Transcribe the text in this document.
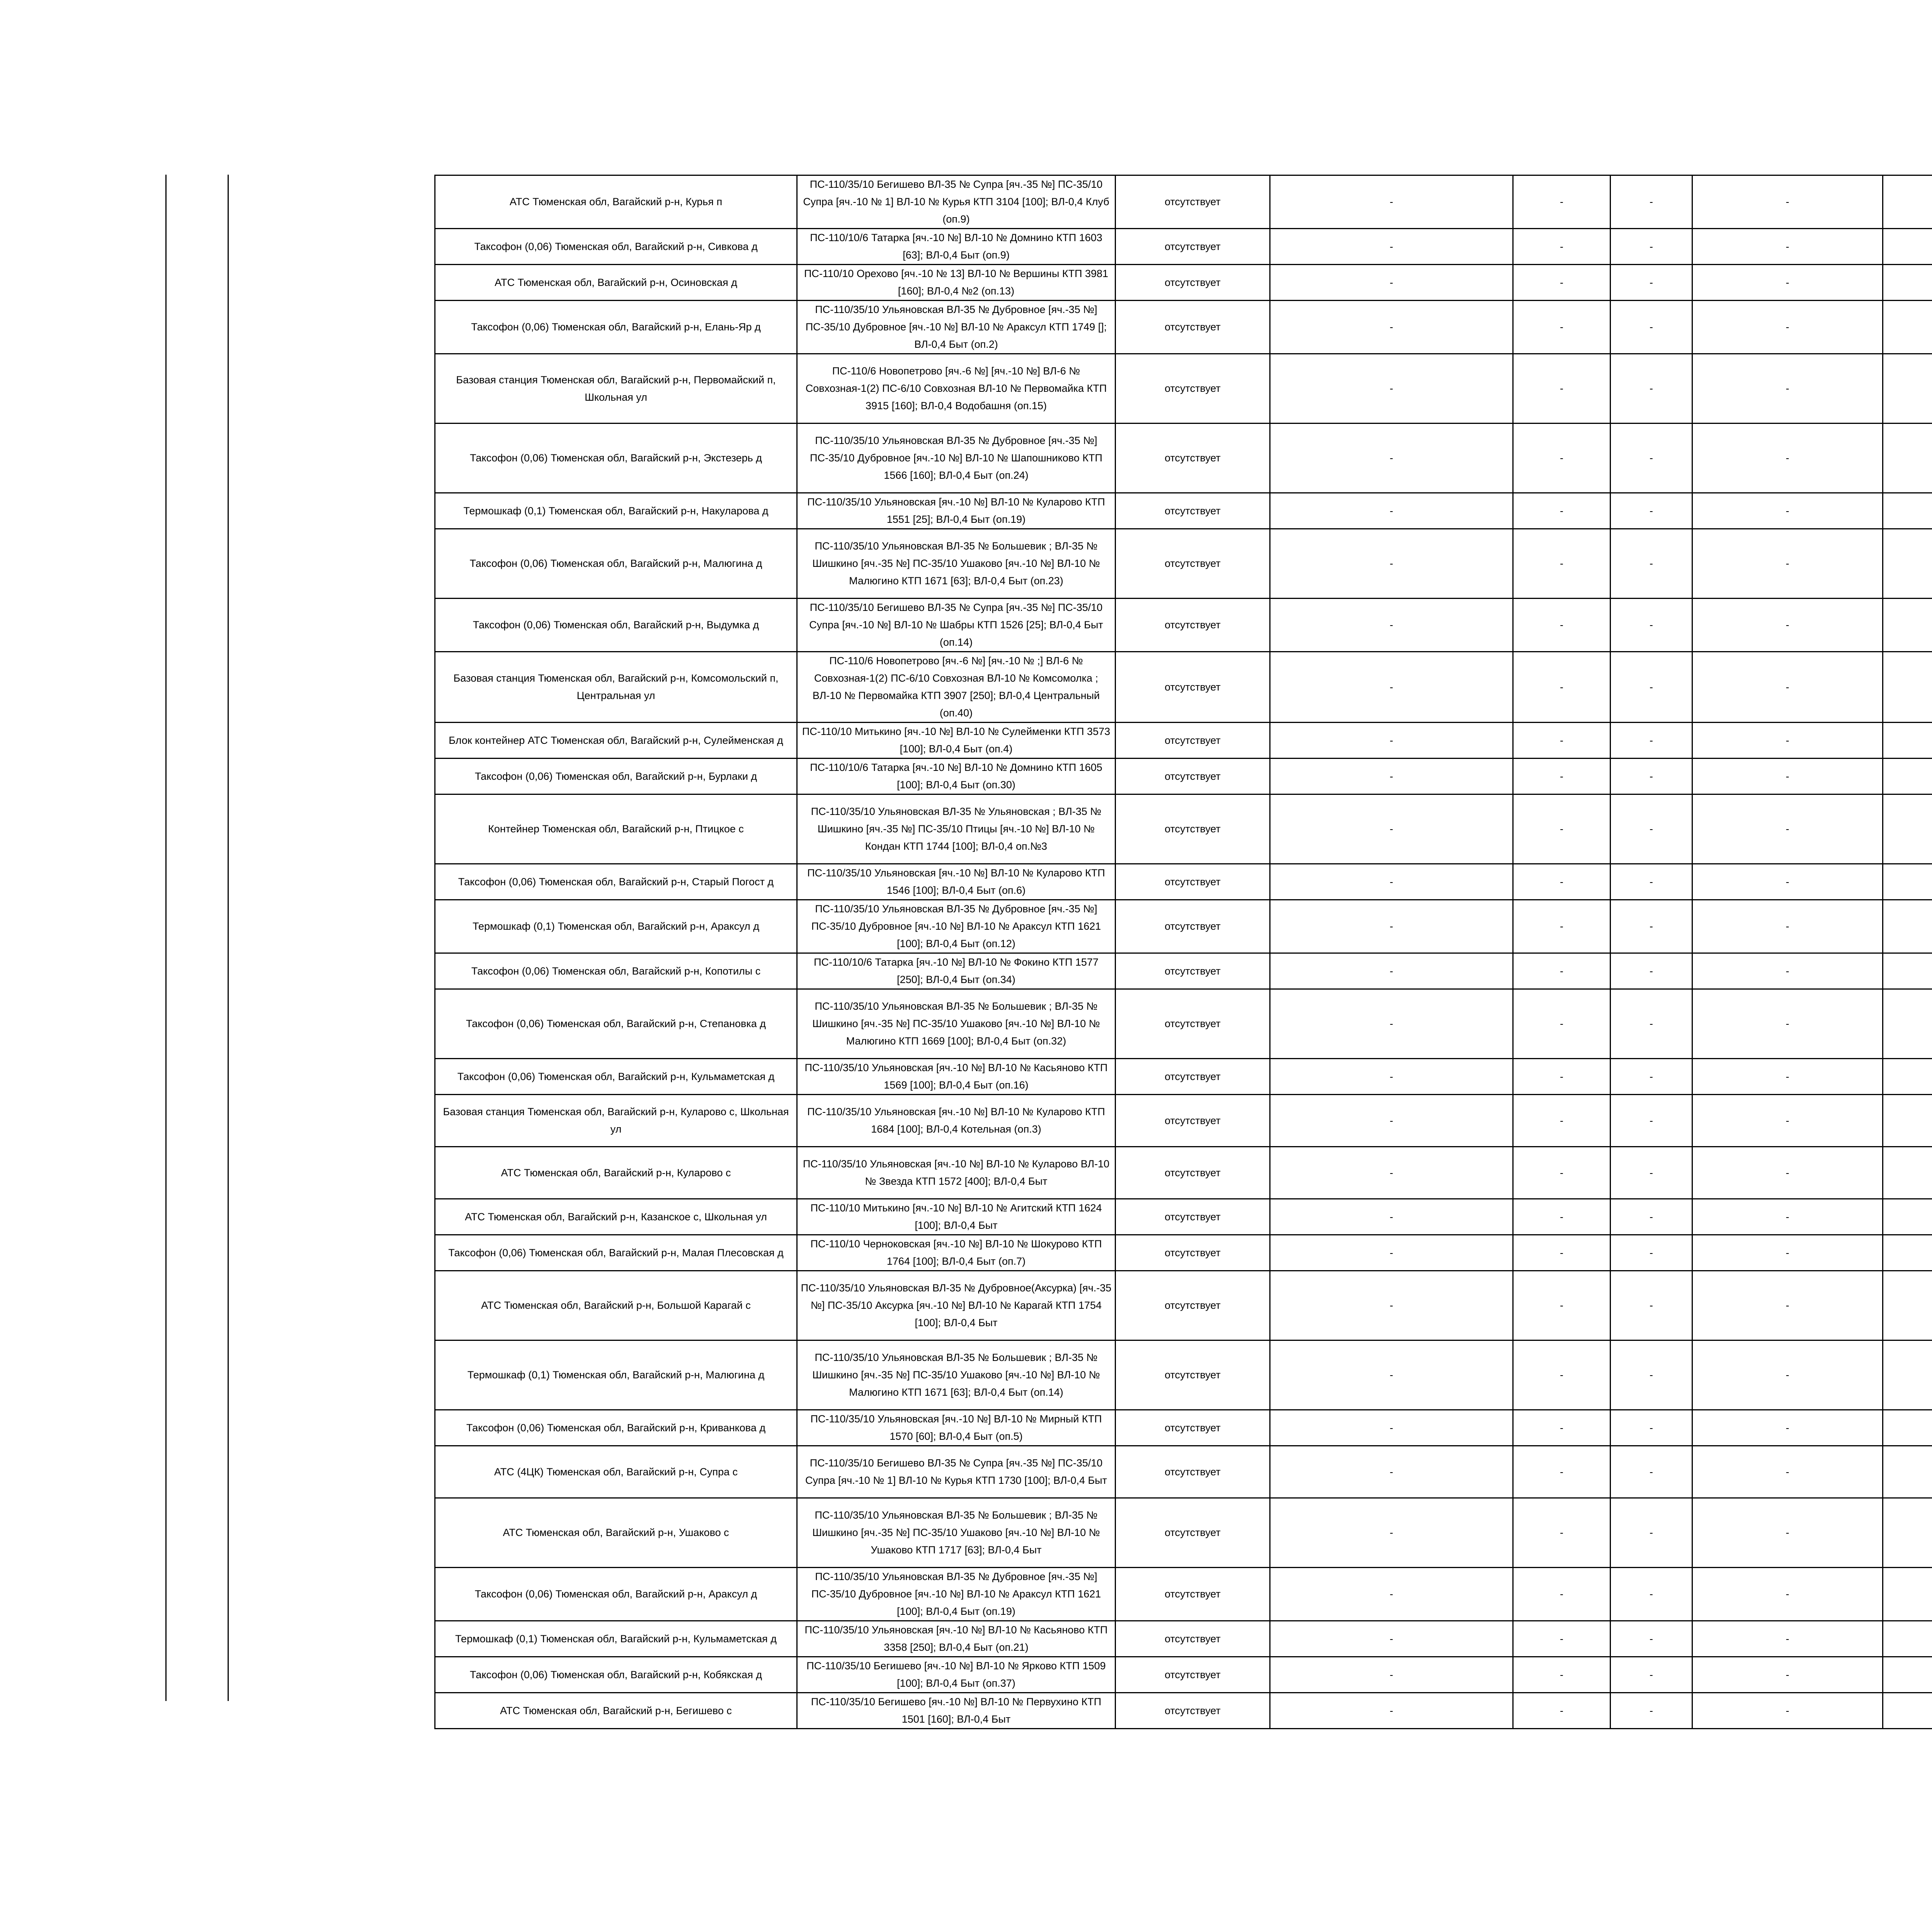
АТС Тюменская обл, Вагайский р-н, Курья п	ПС-110/35/10 Бегишево ВЛ-35 № Супра [яч.-35 №] ПС-35/10 Супра [яч.-10 № 1] ВЛ-10 № Курья КТП 3104 [100]; ВЛ-0,4 Клуб (оп.9)	отсутствует	-	-	-	-		
Таксофон (0,06) Тюменская обл, Вагайский р-н, Сивкова д	ПС-110/10/6 Татарка [яч.-10 №] ВЛ-10 № Домнино КТП 1603 [63]; ВЛ-0,4 Быт (оп.9)	отсутствует	-	-	-	-		
АТС Тюменская обл, Вагайский р-н, Осиновская д	ПС-110/10 Орехово [яч.-10 № 13] ВЛ-10 № Вершины КТП 3981 [160]; ВЛ-0,4 №2 (оп.13)	отсутствует	-	-	-	-		
Таксофон (0,06) Тюменская обл, Вагайский р-н, Елань-Яр д	ПС-110/35/10 Ульяновская ВЛ-35 № Дубровное [яч.-35 №] ПС-35/10 Дубровное [яч.-10 №] ВЛ-10 № Араксул КТП 1749 []; ВЛ-0,4 Быт (оп.2)	отсутствует	-	-	-	-		
Базовая станция Тюменская обл, Вагайский р-н, Первомайский п, Школьная ул	ПС-110/6 Новопетрово [яч.-6 №] [яч.-10 №] ВЛ-6 № Совхозная-1(2) ПС-6/10 Совхозная ВЛ-10 № Первомайка КТП 3915 [160]; ВЛ-0,4 Водобашня (оп.15)	отсутствует	-	-	-	-		
Таксофон (0,06) Тюменская обл, Вагайский р-н, Экстезерь д	ПС-110/35/10 Ульяновская ВЛ-35 № Дубровное [яч.-35 №] ПС-35/10 Дубровное [яч.-10 №] ВЛ-10 № Шапошниково КТП 1566 [160]; ВЛ-0,4 Быт (оп.24)	отсутствует	-	-	-	-		
Термошкаф (0,1) Тюменская обл, Вагайский р-н, Накуларова д	ПС-110/35/10 Ульяновская [яч.-10 №] ВЛ-10 № Куларово КТП 1551 [25]; ВЛ-0,4 Быт (оп.19)	отсутствует	-	-	-	-		
Таксофон (0,06) Тюменская обл, Вагайский р-н, Малюгина д	ПС-110/35/10 Ульяновская ВЛ-35 № Большевик ; ВЛ-35 № Шишкино [яч.-35 №] ПС-35/10 Ушаково [яч.-10 №] ВЛ-10 № Малюгино КТП 1671 [63]; ВЛ-0,4 Быт (оп.23)	отсутствует	-	-	-	-		
Таксофон (0,06) Тюменская обл, Вагайский р-н, Выдумка д	ПС-110/35/10 Бегишево ВЛ-35 № Супра [яч.-35 №] ПС-35/10 Супра [яч.-10 №] ВЛ-10 № Шабры КТП 1526 [25]; ВЛ-0,4 Быт (оп.14)	отсутствует	-	-	-	-		
Базовая станция Тюменская обл, Вагайский р-н, Комсомольский п, Центральная ул	ПС-110/6 Новопетрово [яч.-6 №] [яч.-10 № ;] ВЛ-6 № Совхозная-1(2) ПС-6/10 Совхозная ВЛ-10 № Комсомолка ; ВЛ-10 № Первомайка КТП 3907 [250]; ВЛ-0,4 Центральный (оп.40)	отсутствует	-	-	-	-		
Блок контейнер АТС Тюменская обл, Вагайский р-н, Сулейменская д	ПС-110/10 Митькино [яч.-10 №] ВЛ-10 № Сулейменки КТП 3573 [100]; ВЛ-0,4 Быт (оп.4)	отсутствует	-	-	-	-		
Таксофон (0,06) Тюменская обл, Вагайский р-н, Бурлаки д	ПС-110/10/6 Татарка [яч.-10 №] ВЛ-10 № Домнино КТП 1605 [100]; ВЛ-0,4 Быт (оп.30)	отсутствует	-	-	-	-		
Контейнер Тюменская обл, Вагайский р-н, Птицкое с	ПС-110/35/10 Ульяновская ВЛ-35 № Ульяновская ; ВЛ-35 № Шишкино [яч.-35 №] ПС-35/10 Птицы [яч.-10 №] ВЛ-10 № Кондан КТП 1744 [100]; ВЛ-0,4 оп.№3	отсутствует	-	-	-	-		
Таксофон (0,06) Тюменская обл, Вагайский р-н, Старый Погост д	ПС-110/35/10 Ульяновская [яч.-10 №] ВЛ-10 № Куларово КТП 1546 [100]; ВЛ-0,4 Быт (оп.6)	отсутствует	-	-	-	-		
Термошкаф (0,1) Тюменская обл, Вагайский р-н, Араксул д	ПС-110/35/10 Ульяновская ВЛ-35 № Дубровное [яч.-35 №] ПС-35/10 Дубровное [яч.-10 №] ВЛ-10 № Араксул КТП 1621 [100]; ВЛ-0,4 Быт (оп.12)	отсутствует	-	-	-	-		
Таксофон (0,06) Тюменская обл, Вагайский р-н, Копотилы с	ПС-110/10/6 Татарка [яч.-10 №] ВЛ-10 № Фокино КТП 1577 [250]; ВЛ-0,4 Быт (оп.34)	отсутствует	-	-	-	-		
Таксофон (0,06) Тюменская обл, Вагайский р-н, Степановка д	ПС-110/35/10 Ульяновская ВЛ-35 № Большевик ; ВЛ-35 № Шишкино [яч.-35 №] ПС-35/10 Ушаково [яч.-10 №] ВЛ-10 № Малюгино КТП 1669 [100]; ВЛ-0,4 Быт (оп.32)	отсутствует	-	-	-	-		
Таксофон (0,06) Тюменская обл, Вагайский р-н, Кульмаметская д	ПС-110/35/10 Ульяновская [яч.-10 №] ВЛ-10 № Касьяново КТП 1569 [100]; ВЛ-0,4 Быт (оп.16)	отсутствует	-	-	-	-		
Базовая станция Тюменская обл, Вагайский р-н, Куларово с, Школьная ул	ПС-110/35/10 Ульяновская [яч.-10 №] ВЛ-10 № Куларово КТП 1684 [100]; ВЛ-0,4 Котельная (оп.3)	отсутствует	-	-	-	-		
АТС Тюменская обл, Вагайский р-н, Куларово с	ПС-110/35/10 Ульяновская [яч.-10 №] ВЛ-10 № Куларово ВЛ-10 № Звезда КТП 1572 [400]; ВЛ-0,4 Быт	отсутствует	-	-	-	-		
АТС Тюменская обл, Вагайский р-н, Казанское с, Школьная ул	ПС-110/10 Митькино [яч.-10 №] ВЛ-10 № Агитский КТП 1624 [100]; ВЛ-0,4 Быт	отсутствует	-	-	-	-		
Таксофон (0,06) Тюменская обл, Вагайский р-н, Малая Плесовская д	ПС-110/10 Черноковская [яч.-10 №] ВЛ-10 № Шокурово КТП 1764 [100]; ВЛ-0,4 Быт (оп.7)	отсутствует	-	-	-	-		
АТС Тюменская обл, Вагайский р-н, Большой Карагай с	ПС-110/35/10 Ульяновская ВЛ-35 № Дубровное(Аксурка) [яч.-35 №] ПС-35/10 Аксурка [яч.-10 №] ВЛ-10 № Карагай КТП 1754 [100]; ВЛ-0,4 Быт	отсутствует	-	-	-	-		
Термошкаф (0,1) Тюменская обл, Вагайский р-н, Малюгина д	ПС-110/35/10 Ульяновская ВЛ-35 № Большевик ; ВЛ-35 № Шишкино [яч.-35 №] ПС-35/10 Ушаково [яч.-10 №] ВЛ-10 № Малюгино КТП 1671 [63]; ВЛ-0,4 Быт (оп.14)	отсутствует	-	-	-	-		
Таксофон (0,06) Тюменская обл, Вагайский р-н, Криванкова д	ПС-110/35/10 Ульяновская [яч.-10 №] ВЛ-10 № Мирный КТП 1570 [60]; ВЛ-0,4 Быт (оп.5)	отсутствует	-	-	-	-		
АТС (4ЦК) Тюменская обл, Вагайский р-н, Супра с	ПС-110/35/10 Бегишево ВЛ-35 № Супра [яч.-35 №] ПС-35/10 Супра [яч.-10 № 1] ВЛ-10 № Курья КТП 1730 [100]; ВЛ-0,4 Быт	отсутствует	-	-	-	-		
АТС Тюменская обл, Вагайский р-н, Ушаково с	ПС-110/35/10 Ульяновская ВЛ-35 № Большевик ; ВЛ-35 № Шишкино [яч.-35 №] ПС-35/10 Ушаково [яч.-10 №] ВЛ-10 № Ушаково КТП 1717 [63]; ВЛ-0,4 Быт	отсутствует	-	-	-	-		
Таксофон (0,06) Тюменская обл, Вагайский р-н, Араксул д	ПС-110/35/10 Ульяновская ВЛ-35 № Дубровное [яч.-35 №] ПС-35/10 Дубровное [яч.-10 №] ВЛ-10 № Араксул КТП 1621 [100]; ВЛ-0,4 Быт (оп.19)	отсутствует	-	-	-	-		
Термошкаф (0,1) Тюменская обл, Вагайский р-н, Кульмаметская д	ПС-110/35/10 Ульяновская [яч.-10 №] ВЛ-10 № Касьяново КТП 3358 [250]; ВЛ-0,4 Быт (оп.21)	отсутствует	-	-	-	-		
Таксофон (0,06) Тюменская обл, Вагайский р-н, Кобякская д	ПС-110/35/10 Бегишево [яч.-10 №] ВЛ-10 № Ярково КТП 1509 [100]; ВЛ-0,4 Быт (оп.37)	отсутствует	-	-	-	-		
АТС Тюменская обл, Вагайский р-н, Бегишево с	ПС-110/35/10 Бегишево [яч.-10 №] ВЛ-10 № Первухино КТП 1501 [160]; ВЛ-0,4 Быт	отсутствует	-	-	-	-		
